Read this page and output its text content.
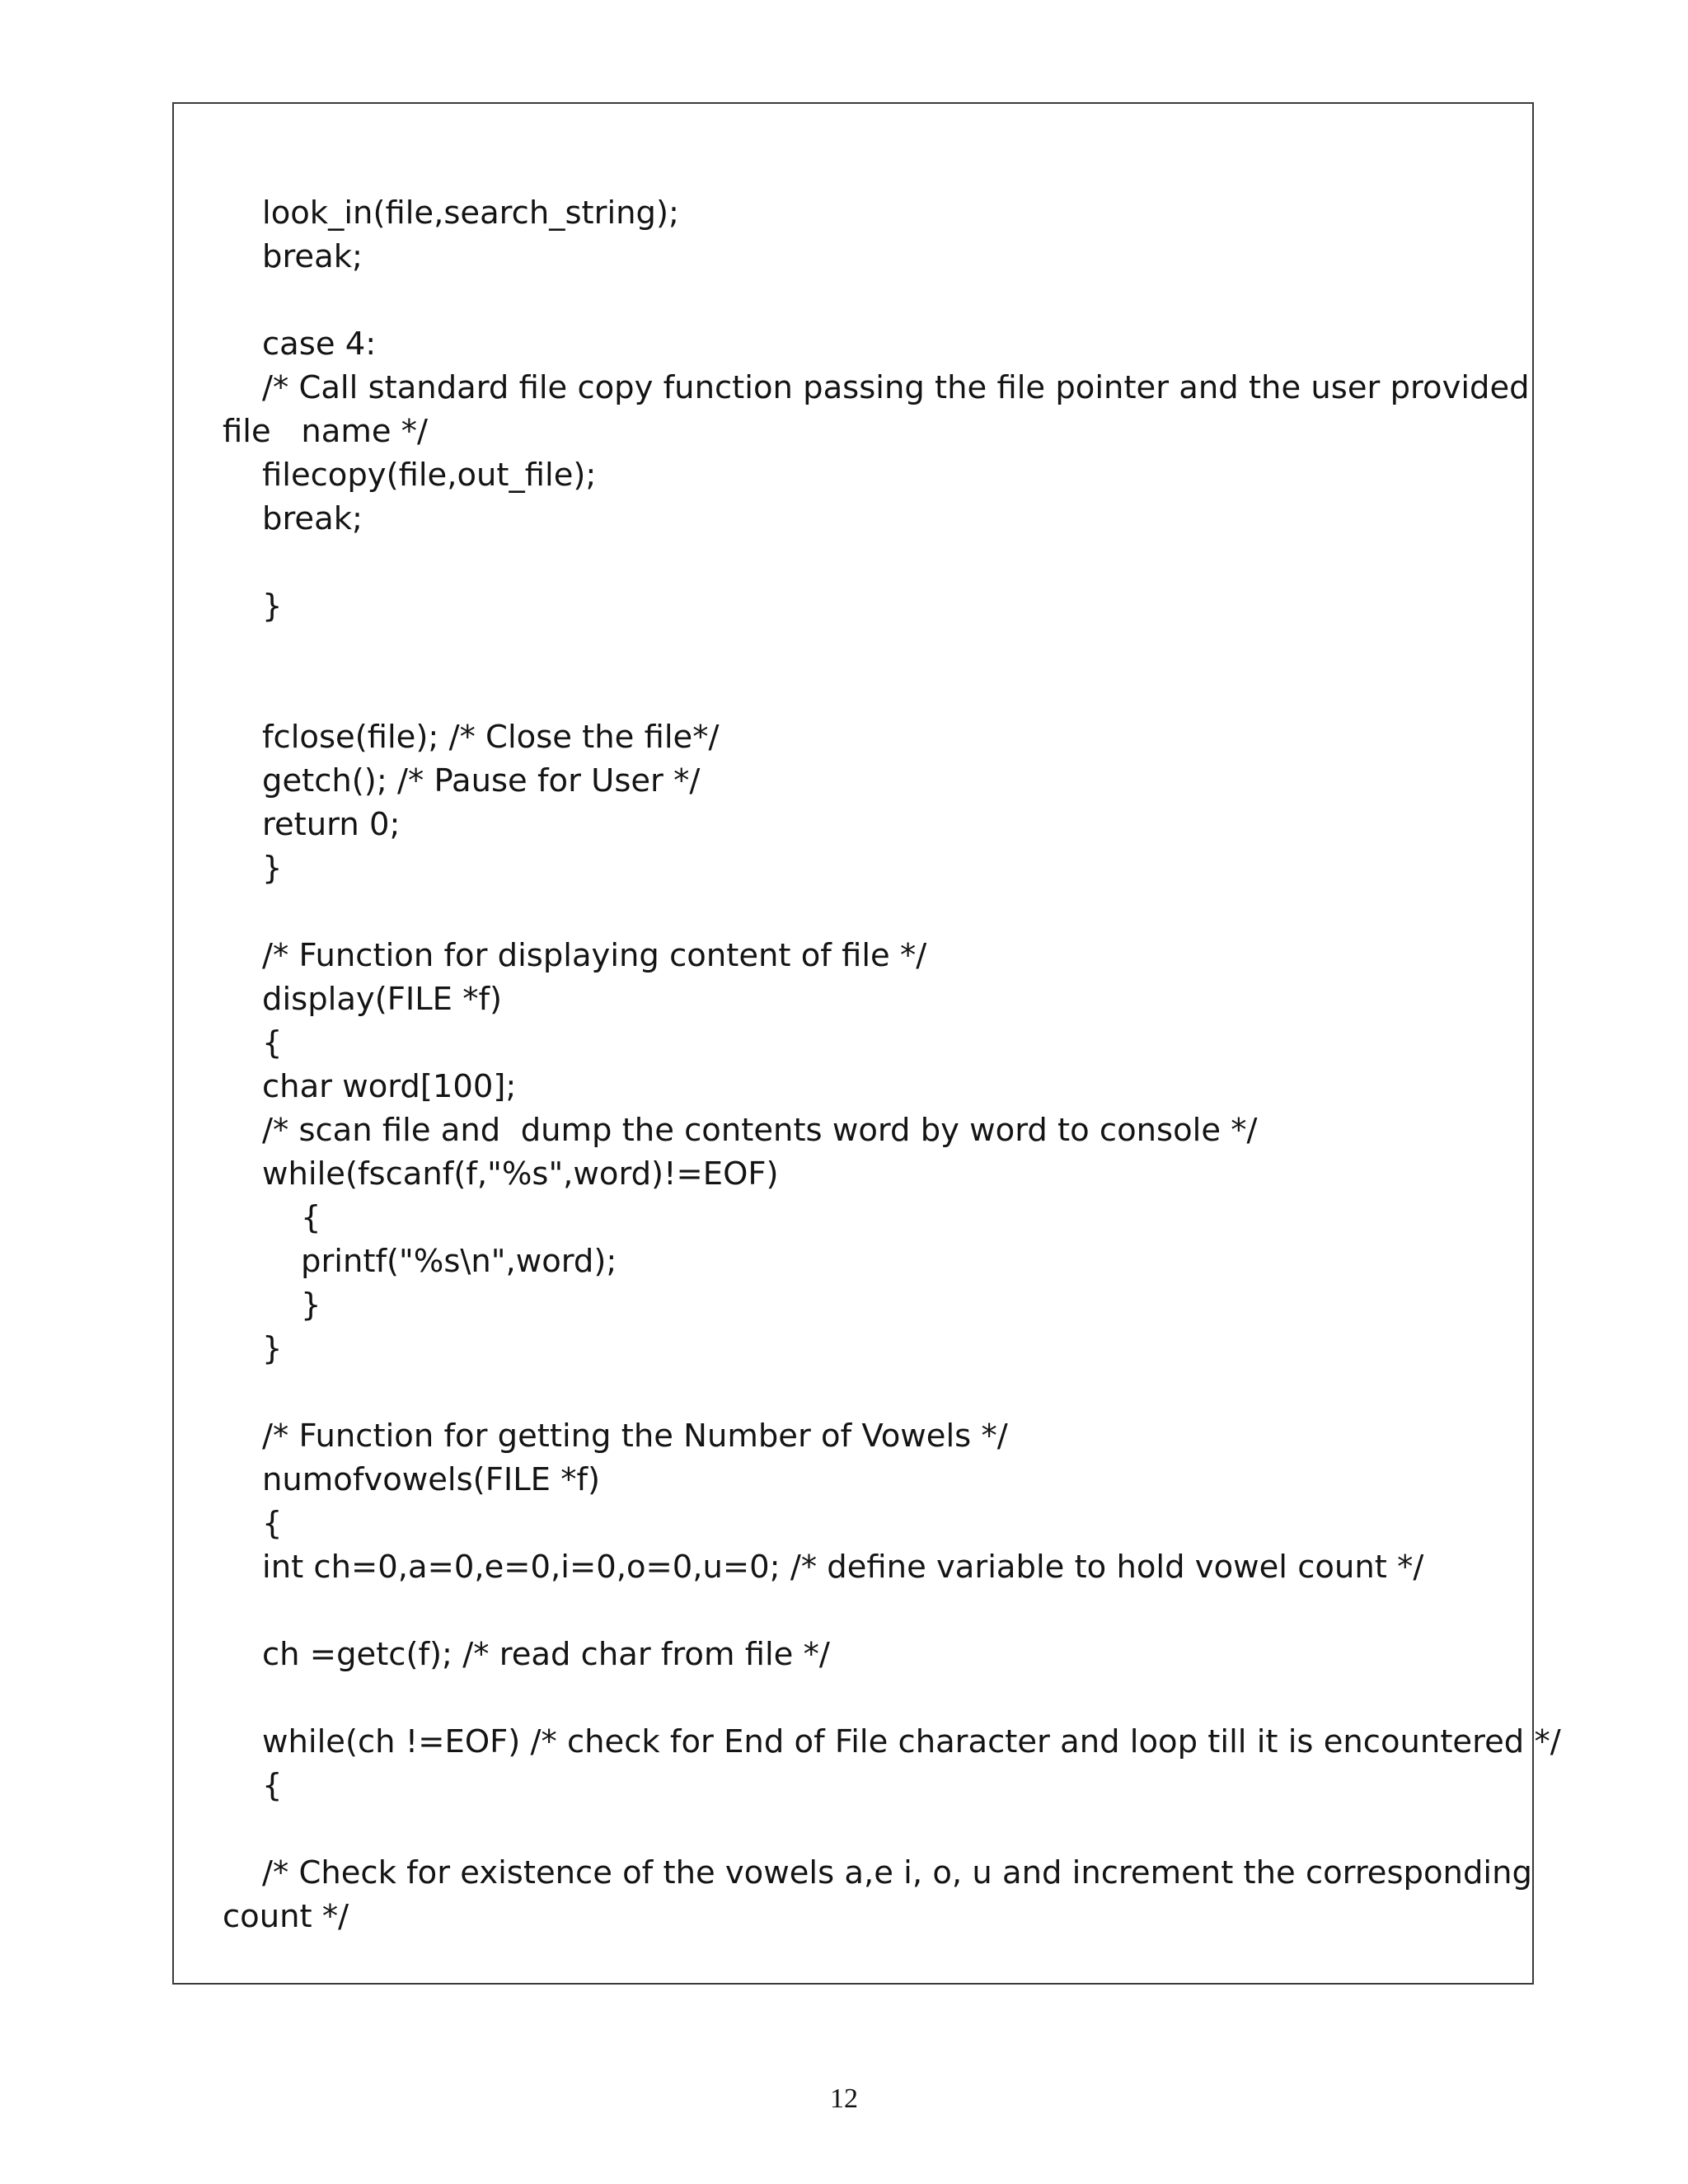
look_in(file,search_string);
break;
case 4:
/* Call standard file copy function passing the file pointer and the user provided
file   name */
filecopy(file,out_file);
break;
}
fclose(file); /* Close the file*/
getch(); /* Pause for User */
return 0;
}
/* Function for displaying content of file */
display(FILE *f)
{
char word[100];
/* scan file and  dump the contents word by word to console */
while(fscanf(f,"%s",word)!=EOF)
{
printf("%s\n",word);
}
}
/* Function for getting the Number of Vowels */
numofvowels(FILE *f)
{
int ch=0,a=0,e=0,i=0,o=0,u=0; /* define variable to hold vowel count */
ch =getc(f); /* read char from file */
while(ch !=EOF) /* check for End of File character and loop till it is encountered */
{
/* Check for existence of the vowels a,e i, o, u and increment the corresponding
count */
12
